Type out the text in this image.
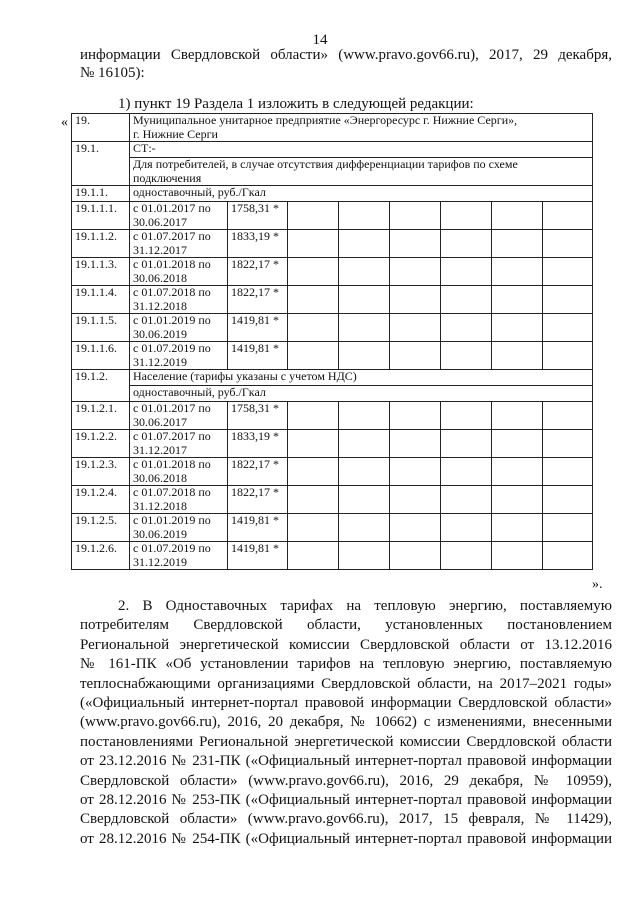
14
информации Свердловской области» (www.pravo.gov66.ru), 2017, 29 декабря,
№ 16105):
1) пункт 19 Раздела 1 изложить в следующей редакции:
« 19.	Муниципальное унитарное предприятие «Энергоресурс г. Нижние Серги»,
г. Нижние Серги							

19.1.	СТ:-							

	Для потребителей, в случае отсутствия дифференциации тарифов по схеме
подключения							

19.1.1.	одноставочный, руб./Гкал							
19.1.1.1.	с 01.01.2017 по
30.06.2017	1758,31 *						
19.1.1.2.	с 01.07.2017 по
31.12.2017	1833,19 *						
19.1.1.3.	с 01.01.2018 по
30.06.2018	1822,17 *						
19.1.1.4.	с 01.07.2018 по
31.12.2018	1822,17 *						
19.1.1.5.	с 01.01.2019 по
30.06.2019	1419,81 *						
19.1.1.6.	с 01.07.2019 по
31.12.2019	1419,81 *						
19.1.2.	Население (тарифы указаны с учетом НДС)							
	одноставочный, руб./Гкал							
19.1.2.1.	с 01.01.2017 по
30.06.2017	1758,31 *						
19.1.2.2.	с 01.07.2017 по
31.12.2017	1833,19 *						
19.1.2.3.	с 01.01.2018 по
30.06.2018	1822,17 *						
19.1.2.4.	с 01.07.2018 по
31.12.2018	1822,17 *						
19.1.2.5.	с 01.01.2019 по
30.06.2019	1419,81 *						
19.1.2.6.	с 01.07.2019 по
31.12.2019	1419,81 *						
».
2. В Одноставочных тарифах на тепловую энергию, поставляемую
потребителям Свердловской области, установленных постановлением
Региональной энергетической комиссии Свердловской области от 13.12.2016
№ 161-ПК «Об установлении тарифов на тепловую энергию, поставляемую
теплоснабжающими организациями Свердловской области, на 2017–2021 годы»
(«Официальный интернет-портал правовой информации Свердловской области»
(www.pravo.gov66.ru), 2016, 20 декабря, № 10662) с изменениями, внесенными
постановлениями Региональной энергетической комиссии Свердловской области
от 23.12.2016 № 231-ПК («Официальный интернет-портал правовой информации
Свердловской области» (www.pravo.gov66.ru), 2016, 29 декабря, № 10959),
от 28.12.2016 № 253-ПК («Официальный интернет-портал правовой информации
Свердловской области» (www.pravo.gov66.ru), 2017, 15 февраля, № 11429),
от 28.12.2016 № 254-ПК («Официальный интернет-портал правовой информации
